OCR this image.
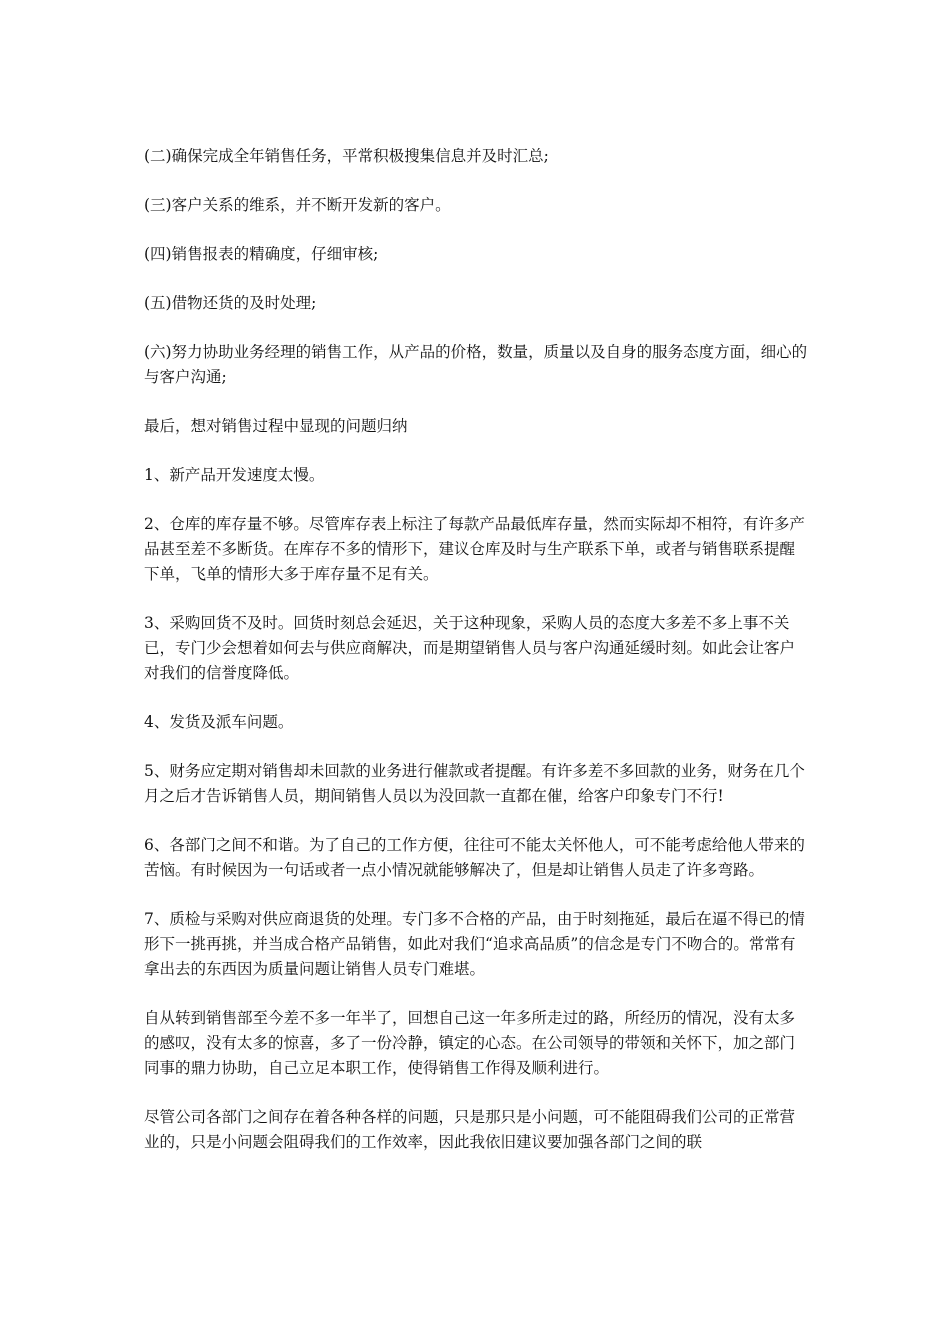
(二)确保完成全年销售任务，平常积极搜集信息并及时汇总;

(三)客户关系的维系，并不断开发新的客户。

(四)销售报表的精确度，仔细审核;

(五)借物还货的及时处理;

(六)努力协助业务经理的销售工作，从产品的价格，数量，质量以及自身的服务态度方面，细心的与客户沟通;

最后，想对销售过程中显现的问题归纳

1、新产品开发速度太慢。

2、仓库的库存量不够。尽管库存表上标注了每款产品最低库存量，然而实际却不相符，有许多产品甚至差不多断货。在库存不多的情形下，建议仓库及时与生产联系下单，或者与销售联系提醒下单，飞单的情形大多于库存量不足有关。

3、采购回货不及时。回货时刻总会延迟，关于这种现象，采购人员的态度大多差不多上事不关已，专门少会想着如何去与供应商解决，而是期望销售人员与客户沟通延缓时刻。如此会让客户对我们的信誉度降低。

4、发货及派车问题。

5、财务应定期对销售却未回款的业务进行催款或者提醒。有许多差不多回款的业务，财务在几个月之后才告诉销售人员，期间销售人员以为没回款一直都在催，给客户印象专门不行!

6、各部门之间不和谐。为了自己的工作方便，往往可不能太关怀他人，可不能考虑给他人带来的苦恼。有时候因为一句话或者一点小情况就能够解决了，但是却让销售人员走了许多弯路。

7、质检与采购对供应商退货的处理。专门多不合格的产品，由于时刻拖延，最后在逼不得已的情形下一挑再挑，并当成合格产品销售，如此对我们“追求高品质”的信念是专门不吻合的。常常有拿出去的东西因为质量问题让销售人员专门难堪。

自从转到销售部至今差不多一年半了，回想自己这一年多所走过的路，所经历的情况，没有太多的感叹，没有太多的惊喜，多了一份冷静，镇定的心态。在公司领导的带领和关怀下，加之部门同事的鼎力协助，自己立足本职工作，使得销售工作得及顺利进行。

尽管公司各部门之间存在着各种各样的问题，只是那只是小问题，可不能阻碍我们公司的正常营业的，只是小问题会阻碍我们的工作效率，因此我依旧建议要加强各部门之间的联
